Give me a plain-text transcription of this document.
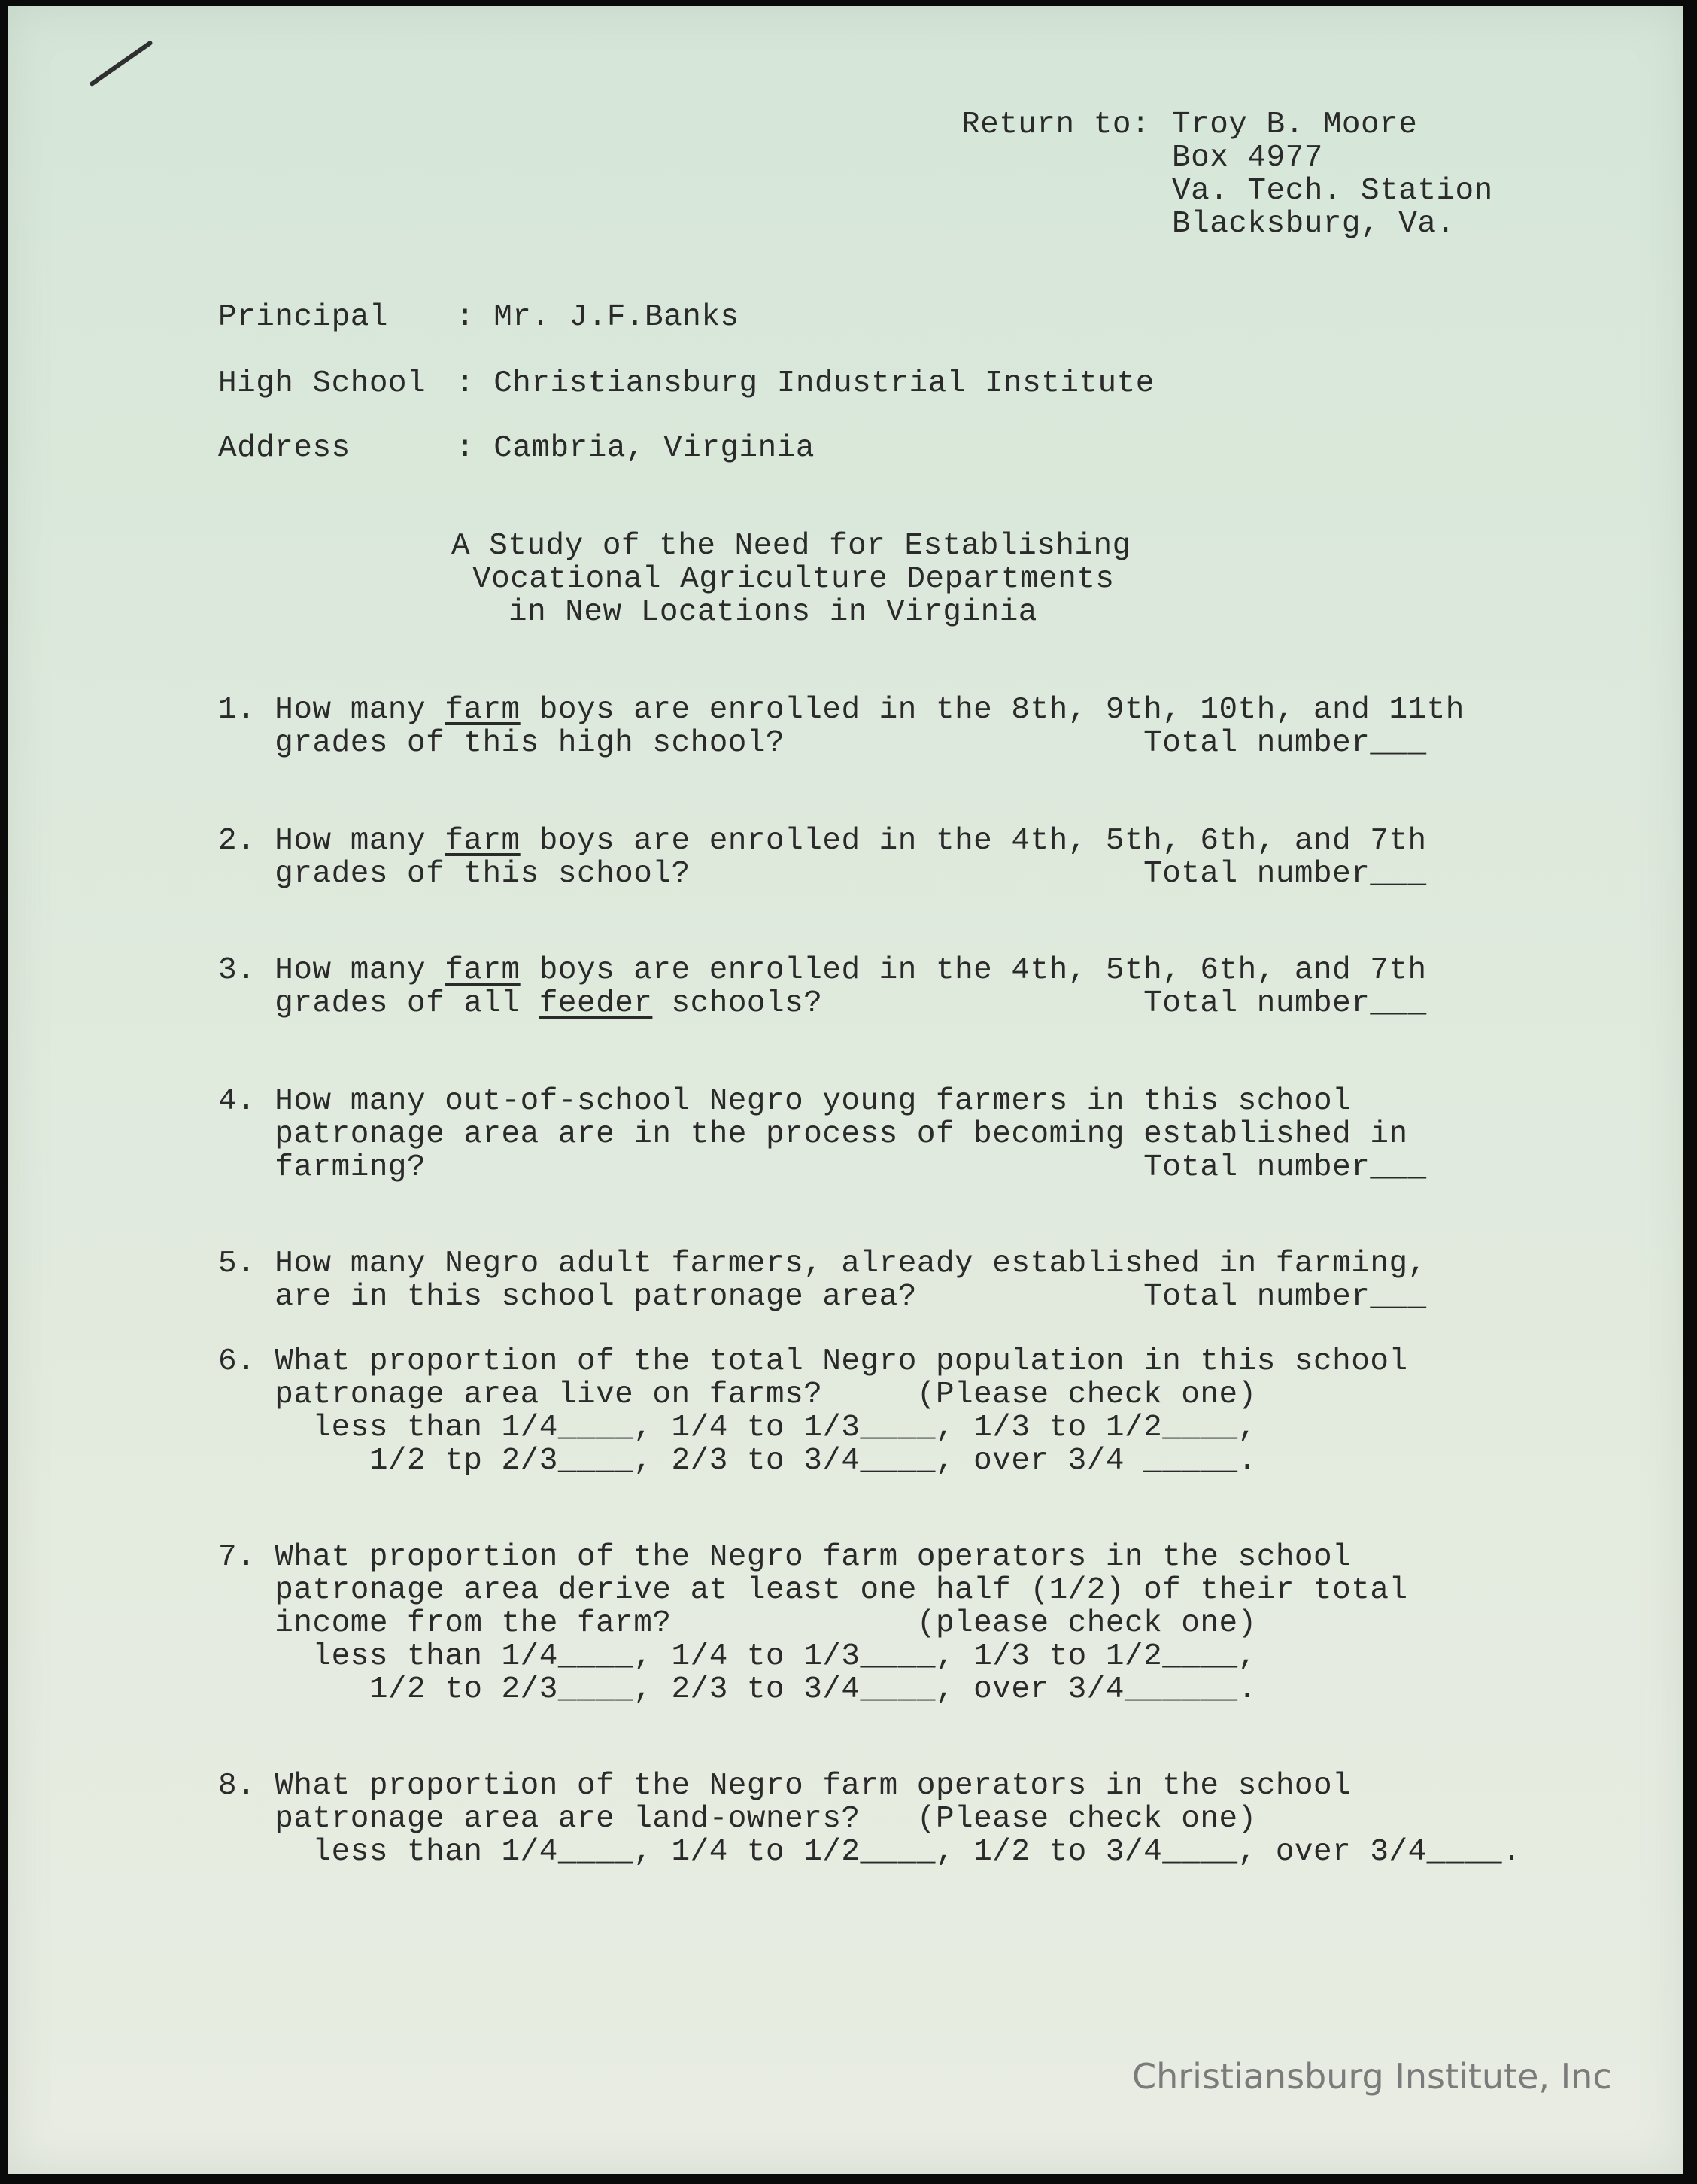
Return to: Troy B. Moore
Box 4977
Va. Tech. Station
Blacksburg, Va.
Principal : Mr. J.F.Banks
High School : Christiansburg Industrial Institute
Address : Cambria, Virginia
A Study of the Need for Establishing
Vocational Agriculture Departments
in New Locations in Virginia
1. How many farm boys are enrolled in the 8th, 9th, 10th, and 11th
grades of this high school?                   Total number___
2. How many farm boys are enrolled in the 4th, 5th, 6th, and 7th
grades of this school?                        Total number___
3. How many farm boys are enrolled in the 4th, 5th, 6th, and 7th
grades of all feeder schools?                 Total number___
4. How many out-of-school Negro young farmers in this school
patronage area are in the process of becoming established in
farming?                                      Total number___
5. How many Negro adult farmers, already established in farming,
are in this school patronage area?            Total number___
6. What proportion of the total Negro population in this school
patronage area live on farms?     (Please check one)
less than 1/4____, 1/4 to 1/3____, 1/3 to 1/2____,
1/2 tp 2/3____, 2/3 to 3/4____, over 3/4 _____.
7. What proportion of the Negro farm operators in the school
patronage area derive at least one half (1/2) of their total
income from the farm?             (please check one)
less than 1/4____, 1/4 to 1/3____, 1/3 to 1/2____,
1/2 to 2/3____, 2/3 to 3/4____, over 3/4______.
8. What proportion of the Negro farm operators in the school
patronage area are land-owners?   (Please check one)
less than 1/4____, 1/4 to 1/2____, 1/2 to 3/4____, over 3/4____.
Christiansburg Institute, Inc
